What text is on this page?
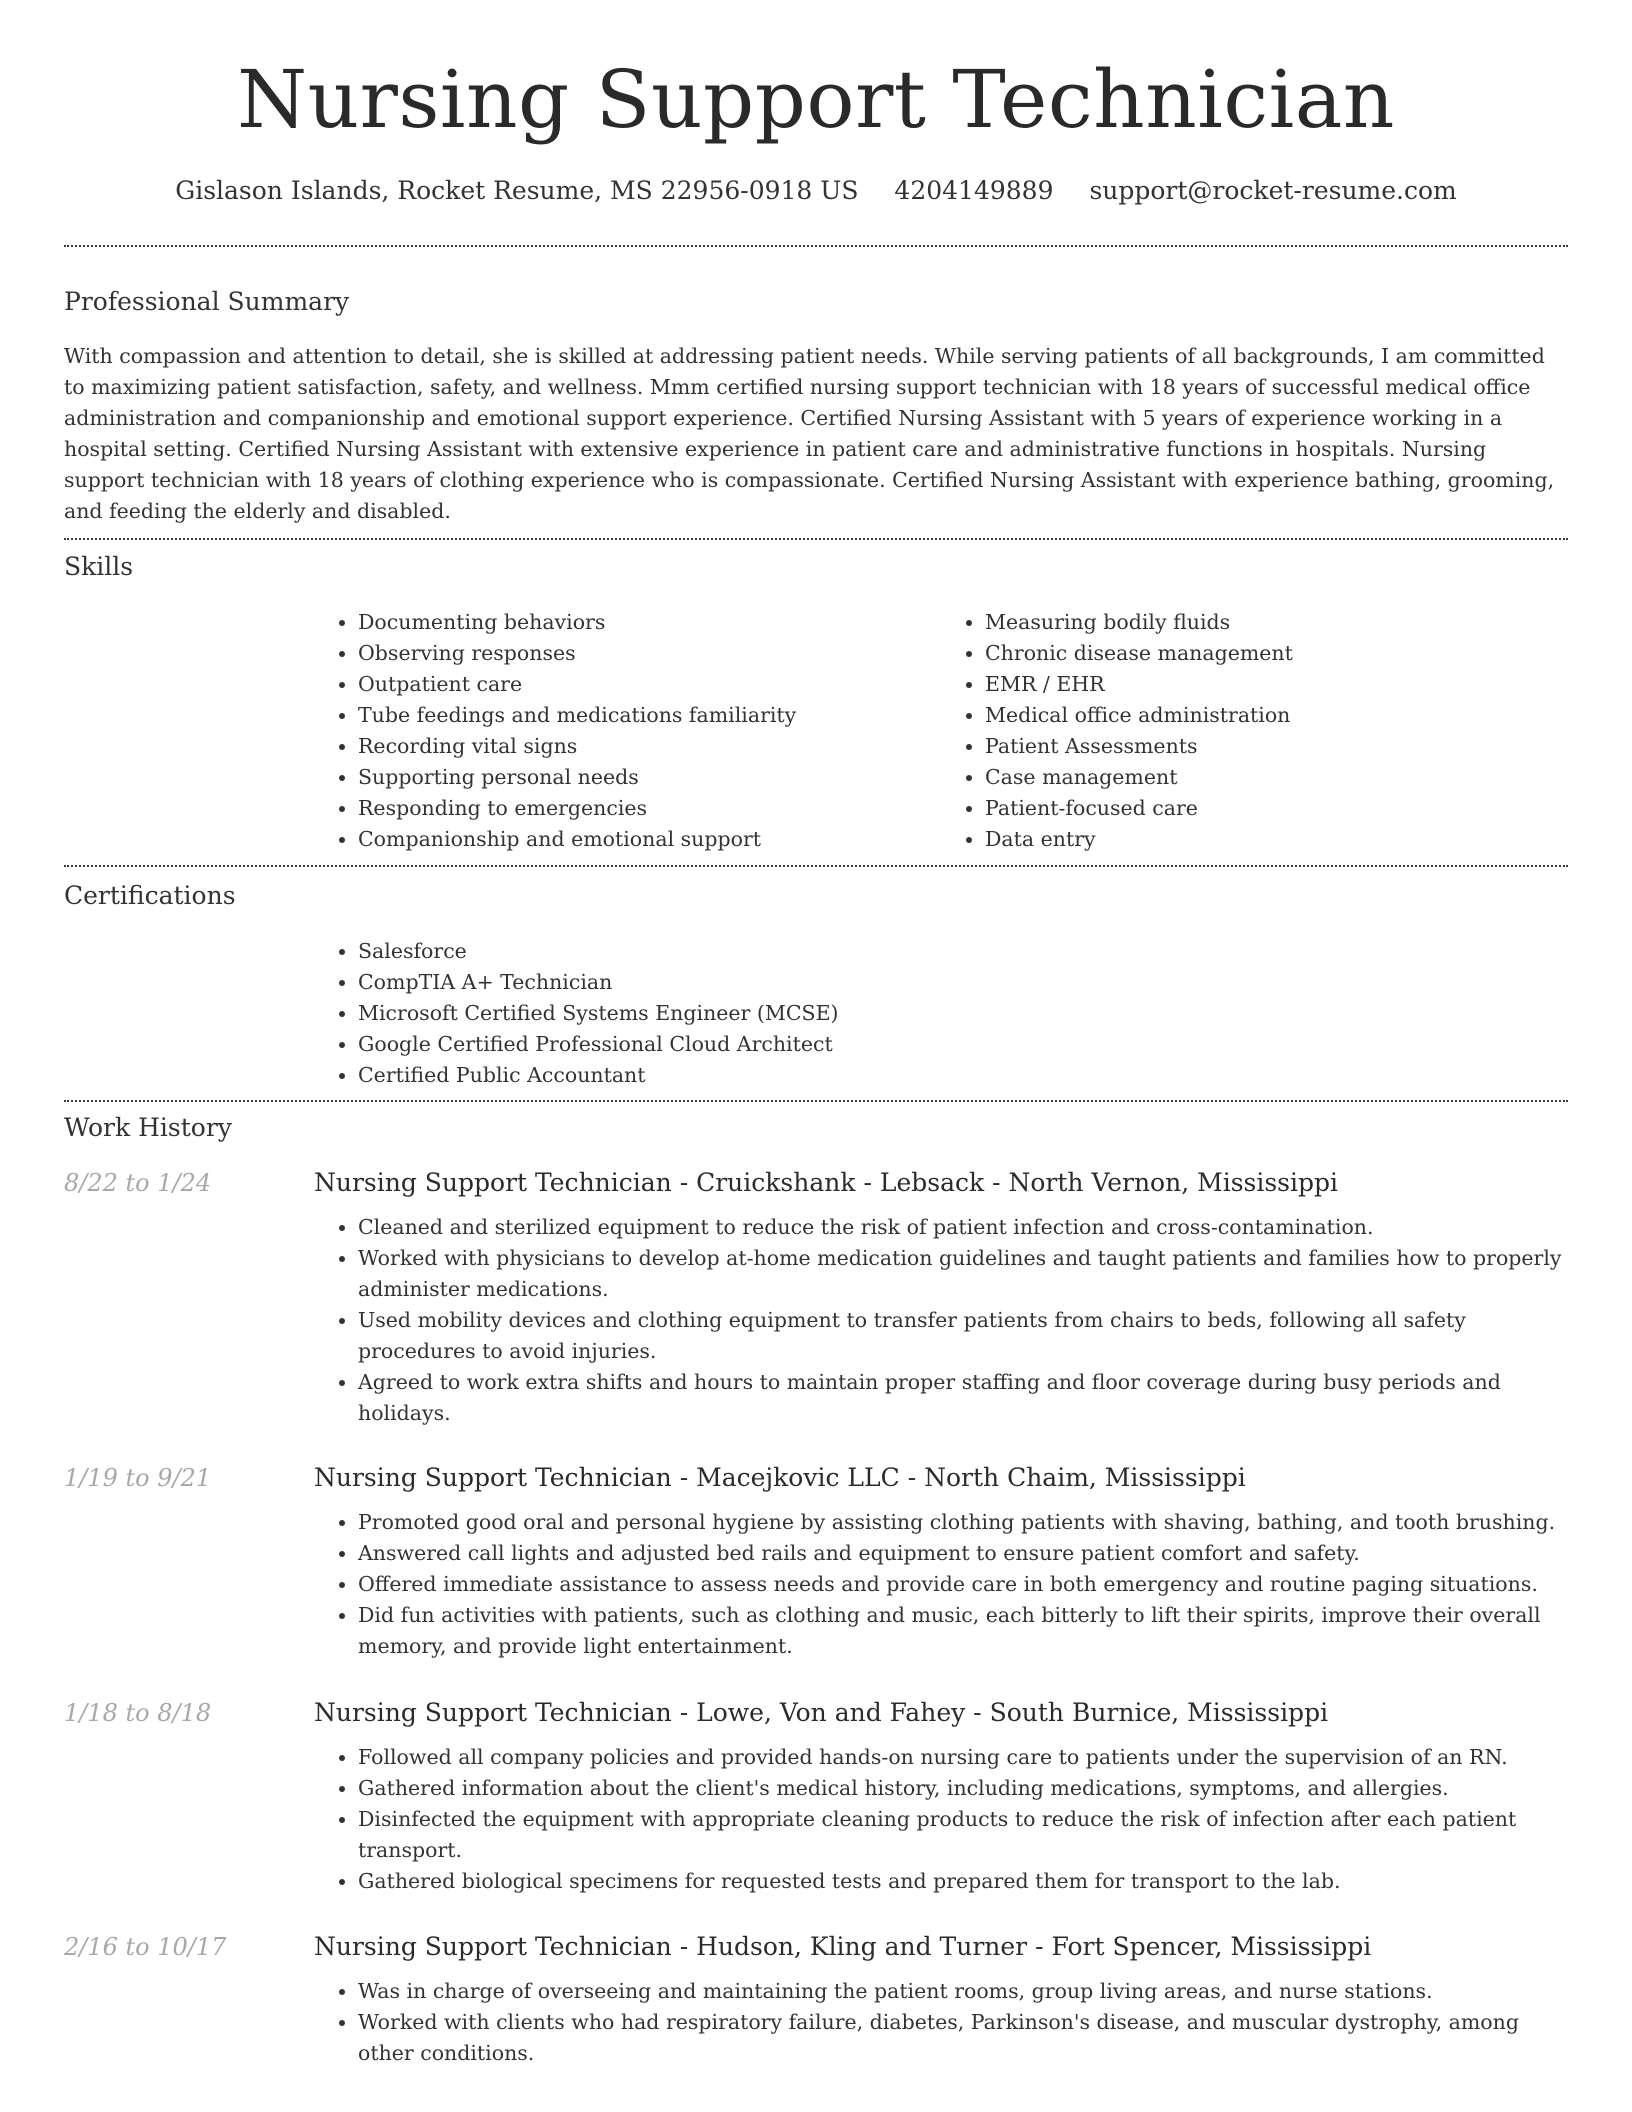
Nursing Support Technician
Gislason Islands, Rocket Resume, MS 22956-0918 US 4204149889 support@rocket-resume.com
Professional Summary

With compassion and attention to detail, she is skilled at addressing patient needs. While serving patients of all backgrounds, I am committed to maximizing patient satisfaction, safety, and wellness. Mmm certified nursing support technician with 18 years of successful medical office administration and companionship and emotional support experience. Certified Nursing Assistant with 5 years of experience working in a hospital setting. Certified Nursing Assistant with extensive experience in patient care and administrative functions in hospitals. Nursing support technician with 18 years of clothing experience who is compassionate. Certified Nursing Assistant with experience bathing, grooming, and feeding the elderly and disabled.

Skills
• Documenting behaviors
• Observing responses
• Outpatient care
• Tube feedings and medications familiarity
• Recording vital signs
• Supporting personal needs
• Responding to emergencies
• Companionship and emotional support
• Measuring bodily fluids
• Chronic disease management
• EMR / EHR
• Medical office administration
• Patient Assessments
• Case management
• Patient-focused care
• Data entry
Certifications
• Salesforce
• CompTIA A+ Technician
• Microsoft Certified Systems Engineer (MCSE)
• Google Certified Professional Cloud Architect
• Certified Public Accountant
Work History
8/22 to 1/24	Nursing Support Technician - Cruickshank - Lebsack - North Vernon, Mississippi
• Cleaned and sterilized equipment to reduce the risk of patient infection and cross-contamination.
• Worked with physicians to develop at-home medication guidelines and taught patients and families how to properly administer medications.
• Used mobility devices and clothing equipment to transfer patients from chairs to beds, following all safety procedures to avoid injuries.
• Agreed to work extra shifts and hours to maintain proper staffing and floor coverage during busy periods and holidays.
1/19 to 9/21	Nursing Support Technician - Macejkovic LLC - North Chaim, Mississippi
• Promoted good oral and personal hygiene by assisting clothing patients with shaving, bathing, and tooth brushing.
• Answered call lights and adjusted bed rails and equipment to ensure patient comfort and safety.
• Offered immediate assistance to assess needs and provide care in both emergency and routine paging situations.
• Did fun activities with patients, such as clothing and music, each bitterly to lift their spirits, improve their overall memory, and provide light entertainment.
1/18 to 8/18	Nursing Support Technician - Lowe, Von and Fahey - South Burnice, Mississippi
• Followed all company policies and provided hands-on nursing care to patients under the supervision of an RN.
• Gathered information about the client's medical history, including medications, symptoms, and allergies.
• Disinfected the equipment with appropriate cleaning products to reduce the risk of infection after each patient transport.
• Gathered biological specimens for requested tests and prepared them for transport to the lab.
2/16 to 10/17	Nursing Support Technician - Hudson, Kling and Turner - Fort Spencer, Mississippi
• Was in charge of overseeing and maintaining the patient rooms, group living areas, and nurse stations.
• Worked with clients who had respiratory failure, diabetes, Parkinson's disease, and muscular dystrophy, among other conditions.
